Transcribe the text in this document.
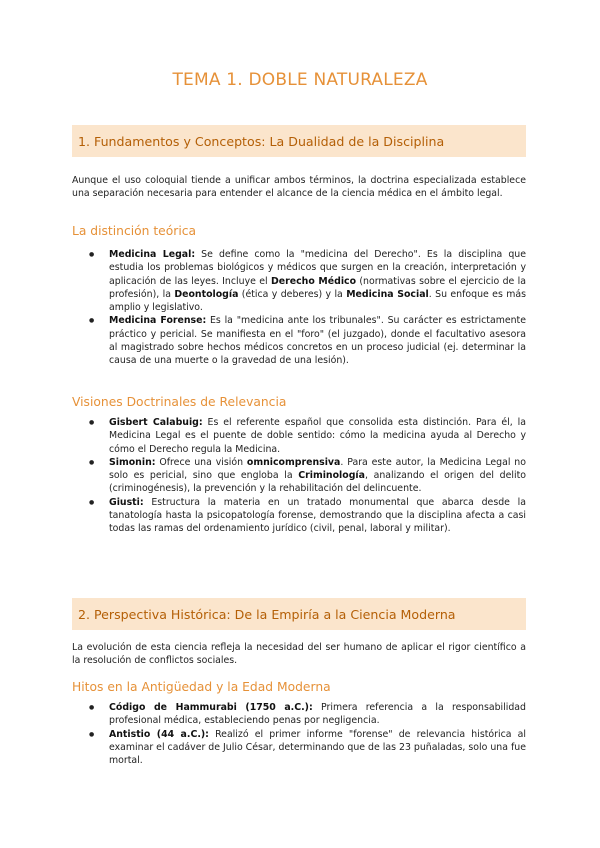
TEMA 1. DOBLE NATURALEZA
1. Fundamentos y Conceptos: La Dualidad de la Disciplina

Aunque el uso coloquial tiende a unificar ambos términos, la doctrina especializada establece una separación necesaria para entender el alcance de la ciencia médica en el ámbito legal.

La distinción teórica
● Medicina Legal: Se define como la "medicina del Derecho". Es la disciplina que estudia los problemas biológicos y médicos que surgen en la creación, interpretación y aplicación de las leyes. Incluye el Derecho Médico (normativas sobre el ejercicio de la profesión), la Deontología (ética y deberes) y la Medicina Social. Su enfoque es más amplio y legislativo.
● Medicina Forense: Es la "medicina ante los tribunales". Su carácter es estrictamente práctico y pericial. Se manifiesta en el "foro" (el juzgado), donde el facultativo asesora al magistrado sobre hechos médicos concretos en un proceso judicial (ej. determinar la causa de una muerte o la gravedad de una lesión).
Visiones Doctrinales de Relevancia
● Gisbert Calabuig: Es el referente español que consolida esta distinción. Para él, la Medicina Legal es el puente de doble sentido: cómo la medicina ayuda al Derecho y cómo el Derecho regula la Medicina.
● Simonin: Ofrece una visión omnicomprensiva. Para este autor, la Medicina Legal no solo es pericial, sino que engloba la Criminología, analizando el origen del delito (criminogénesis), la prevención y la rehabilitación del delincuente.
● Giusti: Estructura la materia en un tratado monumental que abarca desde la tanatología hasta la psicopatología forense, demostrando que la disciplina afecta a casi todas las ramas del ordenamiento jurídico (civil, penal, laboral y militar).
2. Perspectiva Histórica: De la Empiría a la Ciencia Moderna

La evolución de esta ciencia refleja la necesidad del ser humano de aplicar el rigor científico a la resolución de conflictos sociales.

Hitos en la Antigüedad y la Edad Moderna
● Código de Hammurabi (1750 a.C.): Primera referencia a la responsabilidad profesional médica, estableciendo penas por negligencia.
● Antistio (44 a.C.): Realizó el primer informe "forense" de relevancia histórica al examinar el cadáver de Julio César, determinando que de las 23 puñaladas, solo una fue mortal.
